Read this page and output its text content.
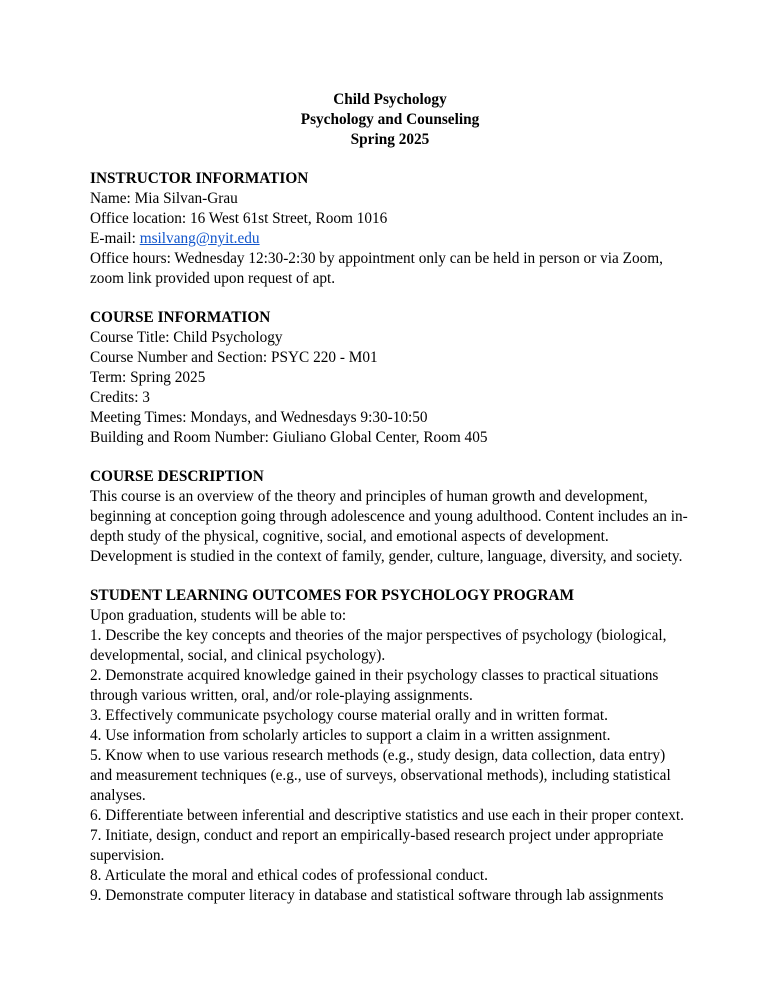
Child Psychology
Psychology and Counseling
Spring 2025
INSTRUCTOR INFORMATION
Name: Mia Silvan-Grau
Office location: 16 West 61st Street, Room 1016
E-mail: msilvang@nyit.edu

Office hours: Wednesday 12:30-2:30 by appointment only can be held in person or via Zoom, zoom link provided upon request of apt.

COURSE INFORMATION
Course Title: Child Psychology
Course Number and Section: PSYC 220 - M01
Term: Spring 2025
Credits: 3
Meeting Times: Mondays, and Wednesdays 9:30-10:50
Building and Room Number: Giuliano Global Center, Room 405
COURSE DESCRIPTION

This course is an overview of the theory and principles of human growth and development, beginning at conception going through adolescence and young adulthood. Content includes an in-depth study of the physical, cognitive, social, and emotional aspects of development. Development is studied in the context of family, gender, culture, language, diversity, and society.

STUDENT LEARNING OUTCOMES FOR PSYCHOLOGY PROGRAM
Upon graduation, students will be able to:

1. Describe the key concepts and theories of the major perspectives of psychology (biological, developmental, social, and clinical psychology).

2. Demonstrate acquired knowledge gained in their psychology classes to practical situations through various written, oral, and/or role-playing assignments.

3. Effectively communicate psychology course material orally and in written format.

4. Use information from scholarly articles to support a claim in a written assignment.

5. Know when to use various research methods (e.g., study design, data collection, data entry) and measurement techniques (e.g., use of surveys, observational methods), including statistical analyses.

6. Differentiate between inferential and descriptive statistics and use each in their proper context.

7. Initiate, design, conduct and report an empirically-based research project under appropriate supervision.

8. Articulate the moral and ethical codes of professional conduct.

9. Demonstrate computer literacy in database and statistical software through lab assignments
